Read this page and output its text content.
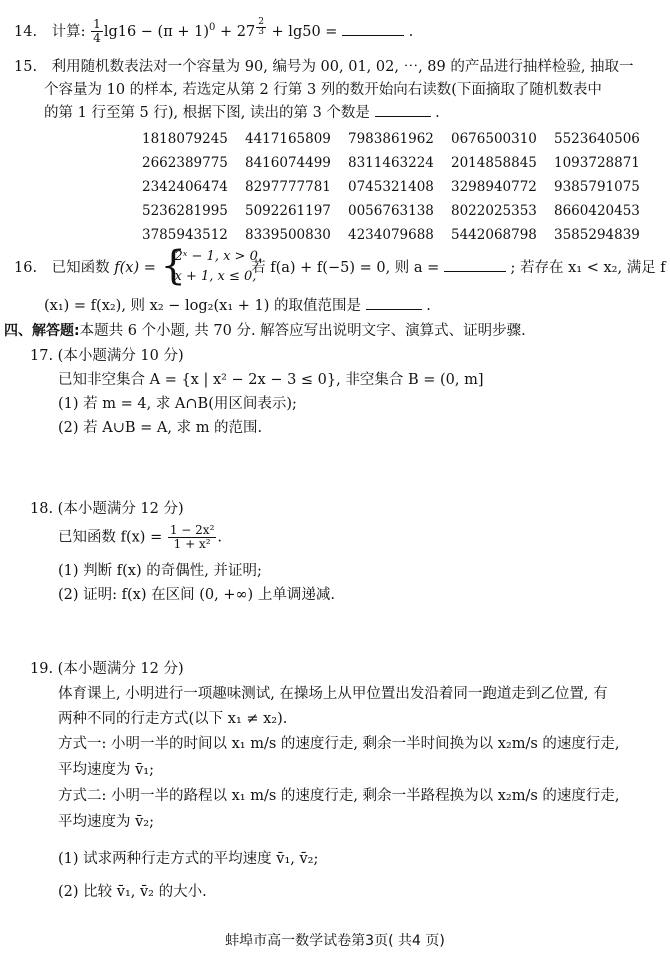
14. 计算: $\frac{1}{4} \lg 16 - (\pi + 1)^0 + 27$ $^{\frac{2}{3}}$ + lg50 =	.
15. 利用随机数表法对一个容量为 90, 编号为 00, 01, 02, ⋯, 89 的产品进行抽样检验, 抽取一
个容量为 10 的样本, 若选定从第 2 行第 3 列的数开始向右读数(下面摘取了随机数表中
的第 1 行至第 5 行), 根据下图, 读出的第 3 个数是	.
1818079245	4417165809	7983861962	0676500310	5523640506
2662389775	8416074499	8311463224	2014858845	1093728871
2342406474	8297777781	0745321408	3298940772	9385791075
5236281995	5092261197	0056763138	8022025353	8660420453
3785943512	8339500830	4234079688	5442068798	3585294839
16. 已知函数 f(x) = {
2ˣ − 1, x > 0,
x + 1, x ≤ 0,
若 f(a) + f(−5) = 0, 则 a =	; 若存在 x₁ < x₂, 满足 f
(x₁) = f(x₂), 则 x₂ − log₂(x₁ + 1) 的取值范围是	.
四、解答题:本题共 6 个小题, 共 70 分. 解答应写出说明文字、演算式、证明步骤.
17. (本小题满分 10 分)
已知非空集合 A = {x | x² − 2x − 3 ≤ 0}, 非空集合 B = (0, m]
(1) 若 m = 4, 求 A∩B(用区间表示);
(2) 若 A∪B = A, 求 m 的范围.
18. (本小题满分 12 分)
已知函数 $f(x) = \frac{\text{1 − 2x²}}{\text{1 + x²}}$ .
(1) 判断 f(x) 的奇偶性, 并证明;
(2) 证明: f(x) 在区间 (0, +∞) 上单调递减.
19. (本小题满分 12 分)
体育课上, 小明进行一项趣味测试, 在操场上从甲位置出发沿着同一跑道走到乙位置, 有
两种不同的行走方式(以下 x₁ ≠ x₂).
方式一: 小明一半的时间以 x₁ m/s 的速度行走, 剩余一半时间换为以 x₂m/s 的速度行走,
平均速度为 v̄₁;
方式二: 小明一半的路程以 x₁ m/s 的速度行走, 剩余一半路程换为以 x₂m/s 的速度行走,
平均速度为 v̄₂;
(1) 试求两种行走方式的平均速度 v̄₁, v̄₂;
(2) 比较 v̄₁, v̄₂ 的大小.
蚌埠市高一数学试卷第3页( 共4 页)
